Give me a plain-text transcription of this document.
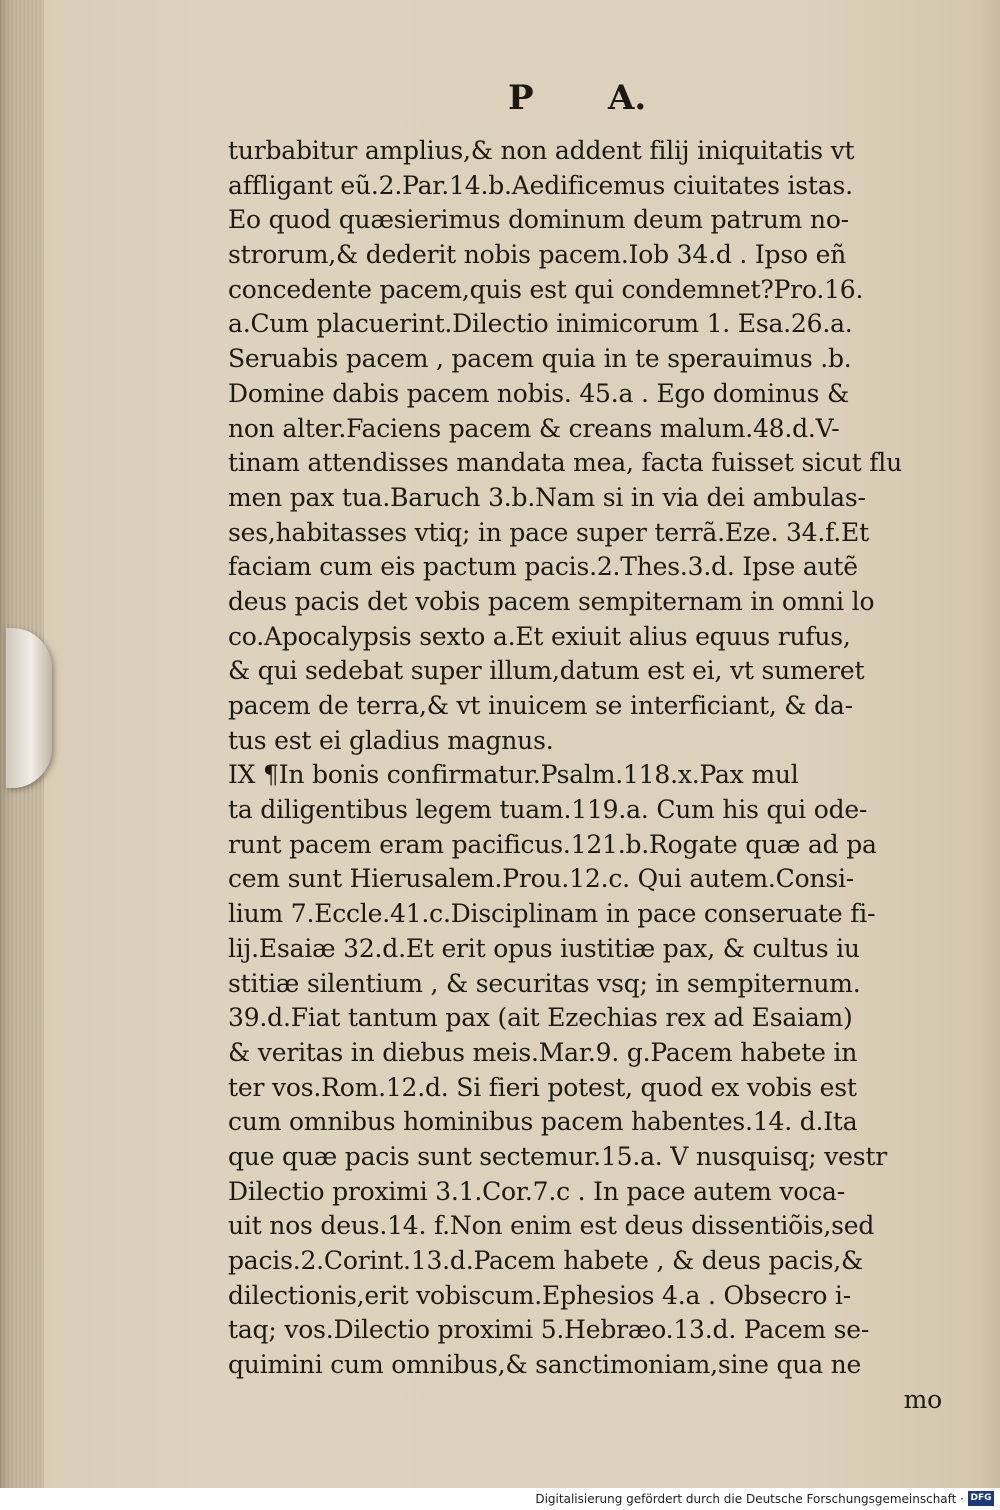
P A.
turbabitur amplius,& non addent filij iniquitatis vt
affligant eũ.2.Par.14.b.Aedificemus ciuitates istas.
Eo quod quæsierimus dominum deum patrum no-
strorum,& dederit nobis pacem.Iob 34.d . Ipso eñ
concedente pacem,quis est qui condemnet?Pro.16.
a.Cum placuerint.Dilectio inimicorum 1. Esa.26.a.
Seruabis pacem , pacem quia in te sperauimus .b.
Domine dabis pacem nobis. 45.a . Ego dominus &
non alter.Faciens pacem & creans malum.48.d.V-
tinam attendisses mandata mea, facta fuisset sicut flu
men pax tua.Baruch 3.b.Nam si in via dei ambulas-
ses,habitasses vtiq; in pace super terrã.Eze. 34.f.Et
faciam cum eis pactum pacis.2.Thes.3.d. Ipse autẽ
deus pacis det vobis pacem sempiternam in omni lo
co.Apocalypsis sexto a.Et exiuit alius equus rufus,
& qui sedebat super illum,datum est ei, vt sumeret
pacem de terra,& vt inuicem se interficiant, & da-
tus est ei gladius magnus.
IX ¶In bonis confirmatur.Psalm.118.x.Pax mul
ta diligentibus legem tuam.119.a. Cum his qui ode-
runt pacem eram pacificus.121.b.Rogate quæ ad pa
cem sunt Hierusalem.Prou.12.c. Qui autem.Consi-
lium 7.Eccle.41.c.Disciplinam in pace conseruate fi-
lij.Esaiæ 32.d.Et erit opus iustitiæ pax, & cultus iu
stitiæ silentium , & securitas vsq; in sempiternum.
39.d.Fiat tantum pax (ait Ezechias rex ad Esaiam)
& veritas in diebus meis.Mar.9. g.Pacem habete in
ter vos.Rom.12.d. Si fieri potest, quod ex vobis est
cum omnibus hominibus pacem habentes.14. d.Ita
que quæ pacis sunt sectemur.15.a. V nusquisq; vestr
Dilectio proximi 3.1.Cor.7.c . In pace autem voca-
uit nos deus.14. f.Non enim est deus dissentiõis,sed
pacis.2.Corint.13.d.Pacem habete , & deus pacis,&
dilectionis,erit vobiscum.Ephesios 4.a . Obsecro i-
taq; vos.Dilectio proximi 5.Hebræo.13.d. Pacem se-
quimini cum omnibus,& sanctimoniam,sine qua ne
mo
Digitalisierung gefördert durch die Deutsche Forschungsgemeinschaft · DFG
